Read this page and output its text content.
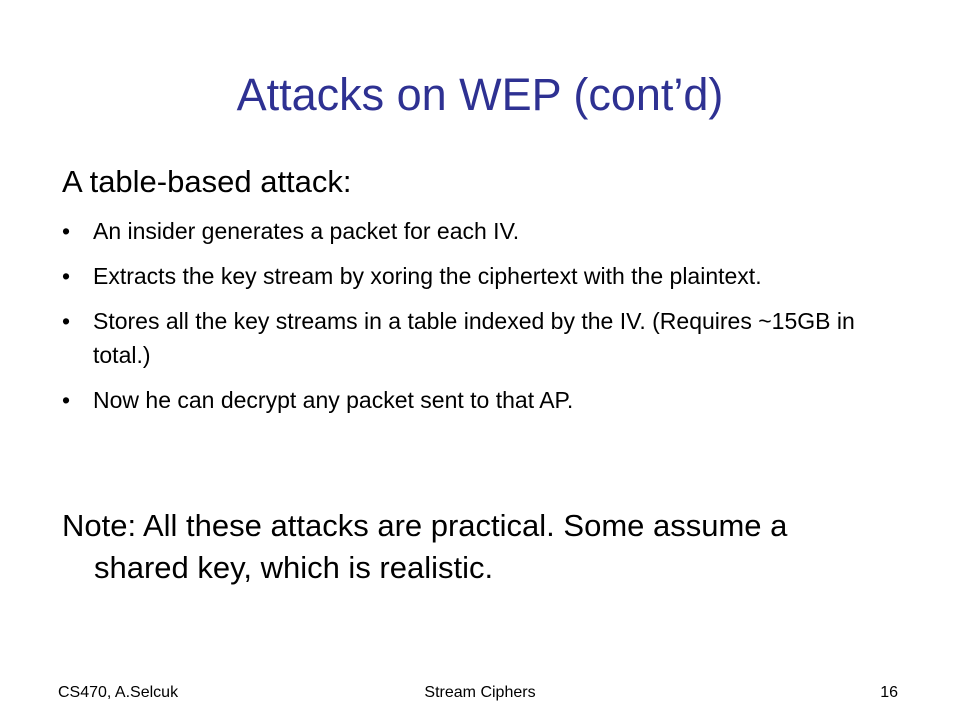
Attacks on WEP (cont’d)

A table-based attack:

• An insider generates a packet for each IV.
• Extracts the key stream by xoring the ciphertext with the plaintext.
• Stores all the key streams in a table indexed by the IV. (Requires ~15GB in total.)
• Now he can decrypt any packet sent to that AP.

Note: All these attacks are practical. Some assume a shared key, which is realistic.

CS470, A.Selcuk	Stream Ciphers	16
